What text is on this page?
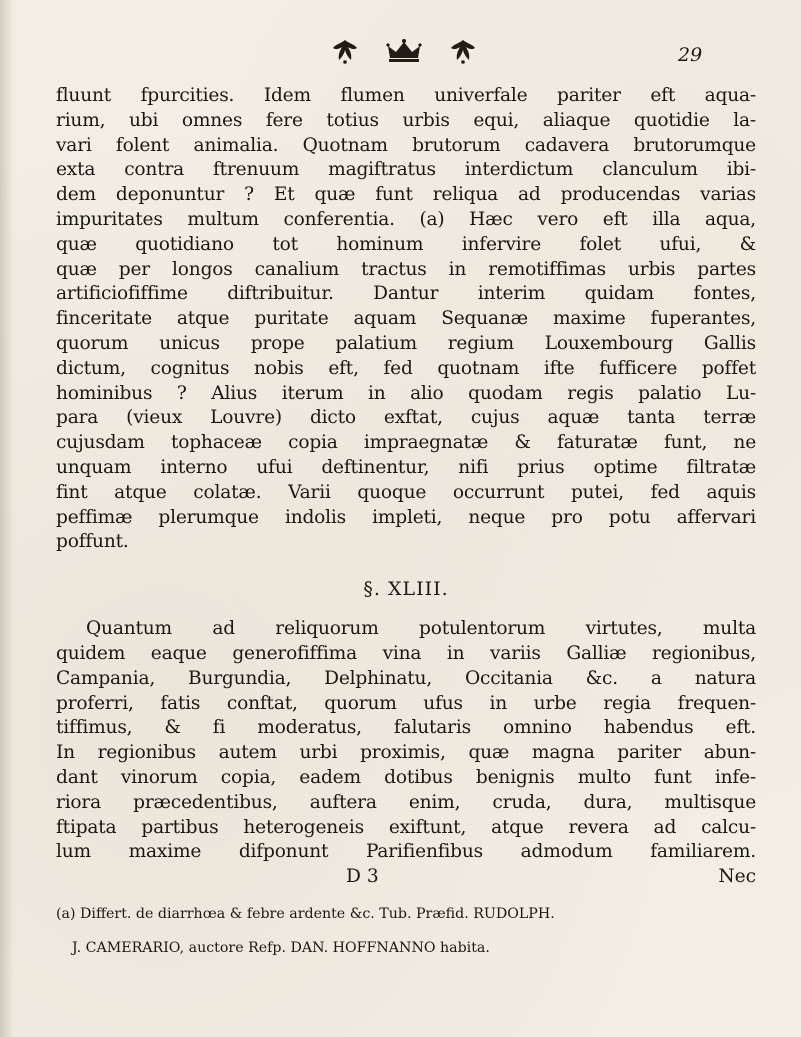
29
fluunt fpurcities. Idem flumen univerfale pariter eft aqua-
rium, ubi omnes fere totius urbis equi, aliaque quotidie la-
vari folent animalia. Quotnam brutorum cadavera brutorumque
exta contra ftrenuum magiftratus interdictum clanculum ibi-
dem deponuntur ? Et quæ funt reliqua ad producendas varias
impuritates multum conferentia. (a) Hæc vero eft illa aqua,
quæ quotidiano tot hominum infervire folet ufui, &
quæ per longos canalium tractus in remotiffimas urbis partes
artificiofiffime diftribuitur. Dantur interim quidam fontes,
finceritate atque puritate aquam Sequanæ maxime fuperantes,
quorum unicus prope palatium regium Louxembourg Gallis
dictum, cognitus nobis eft, fed quotnam ifte fufficere poffet
hominibus ? Alius iterum in alio quodam regis palatio Lu-
para (vieux Louvre) dicto exftat, cujus aquæ tanta terræ
cujusdam tophaceæ copia impraegnatæ & faturatæ funt, ne
unquam interno ufui deftinentur, nifi prius optime filtratæ
fint atque colatæ. Varii quoque occurrunt putei, fed aquis
peffimæ plerumque indolis impleti, neque pro potu affervari
poffunt.
§. XLIII.
Quantum ad reliquorum potulentorum virtutes, multa
quidem eaque generofiffima vina in variis Galliæ regionibus,
Campania, Burgundia, Delphinatu, Occitania &c. a natura
proferri, fatis conftat, quorum ufus in urbe regia frequen-
tiffimus, & fi moderatus, falutaris omnino habendus eft.
In regionibus autem urbi proximis, quæ magna pariter abun-
dant vinorum copia, eadem dotibus benignis multo funt infe-
riora præcedentibus, auftera enim, cruda, dura, multisque
ftipata partibus heterogeneis exiftunt, atque revera ad calcu-
lum maxime difponunt Parifienfibus admodum familiarem.
D 3	Nec
(a) Differt. de diarrhœa & febre ardente &c. Tub. Præfid. RUDOLPH.
J. CAMERARIO, auctore Refp. DAN. HOFFNANNO habita.
